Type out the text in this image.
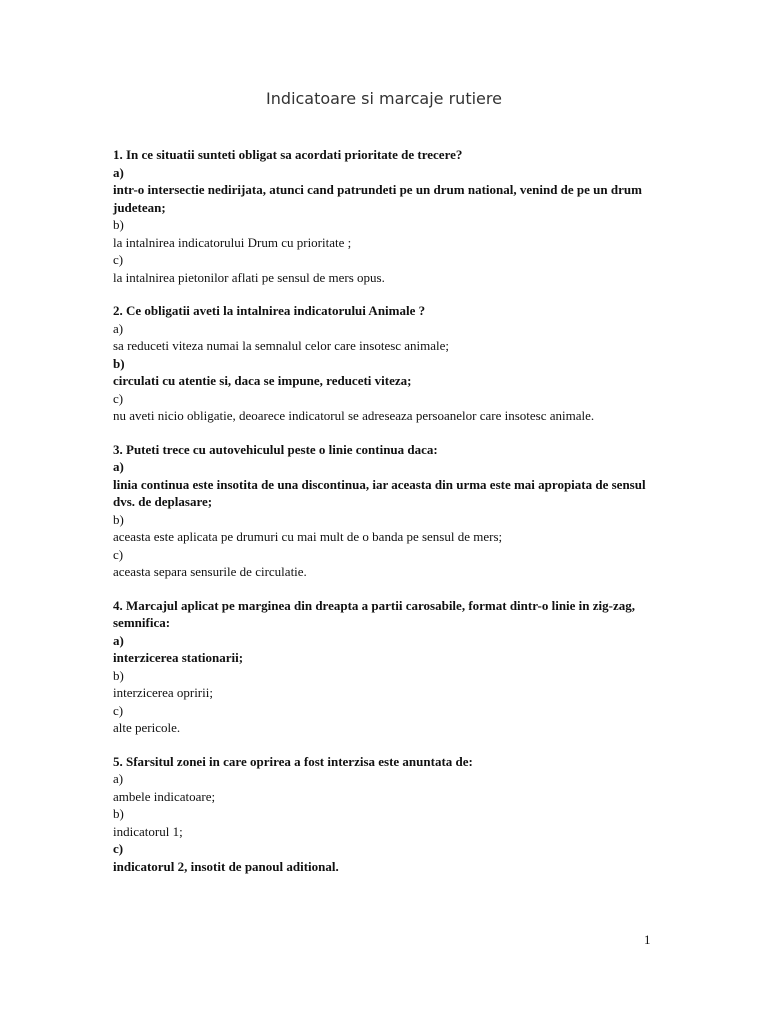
Indicatoare si marcaje rutiere
1. In ce situatii sunteti obligat sa acordati prioritate de trecere?
a)
intr-o intersectie nedirijata, atunci cand patrundeti pe un drum national, venind de pe un drum judetean;
b)
la intalnirea indicatorului Drum cu prioritate ;
c)
la intalnirea pietonilor aflati pe sensul de mers opus.
2. Ce obligatii aveti la intalnirea indicatorului Animale ?
a)
sa reduceti viteza numai la semnalul celor care insotesc animale;
b)
circulati cu atentie si, daca se impune, reduceti viteza;
c)
nu aveti nicio obligatie, deoarece indicatorul se adreseaza persoanelor care insotesc animale.
3. Puteti trece cu autovehiculul peste o linie continua daca:
a)
linia continua este insotita de una discontinua, iar aceasta din urma este mai apropiata de sensul dvs. de deplasare;
b)
aceasta este aplicata pe drumuri cu mai mult de o banda pe sensul de mers;
c)
aceasta separa sensurile de circulatie.
4. Marcajul aplicat pe marginea din dreapta a partii carosabile, format dintr-o linie in zig-zag, semnifica:
a)
interzicerea stationarii;
b)
interzicerea opririi;
c)
alte pericole.
5. Sfarsitul zonei in care oprirea a fost interzisa este anuntata de:
a)
ambele indicatoare;
b)
indicatorul 1;
c)
indicatorul 2, insotit de panoul aditional.
1
